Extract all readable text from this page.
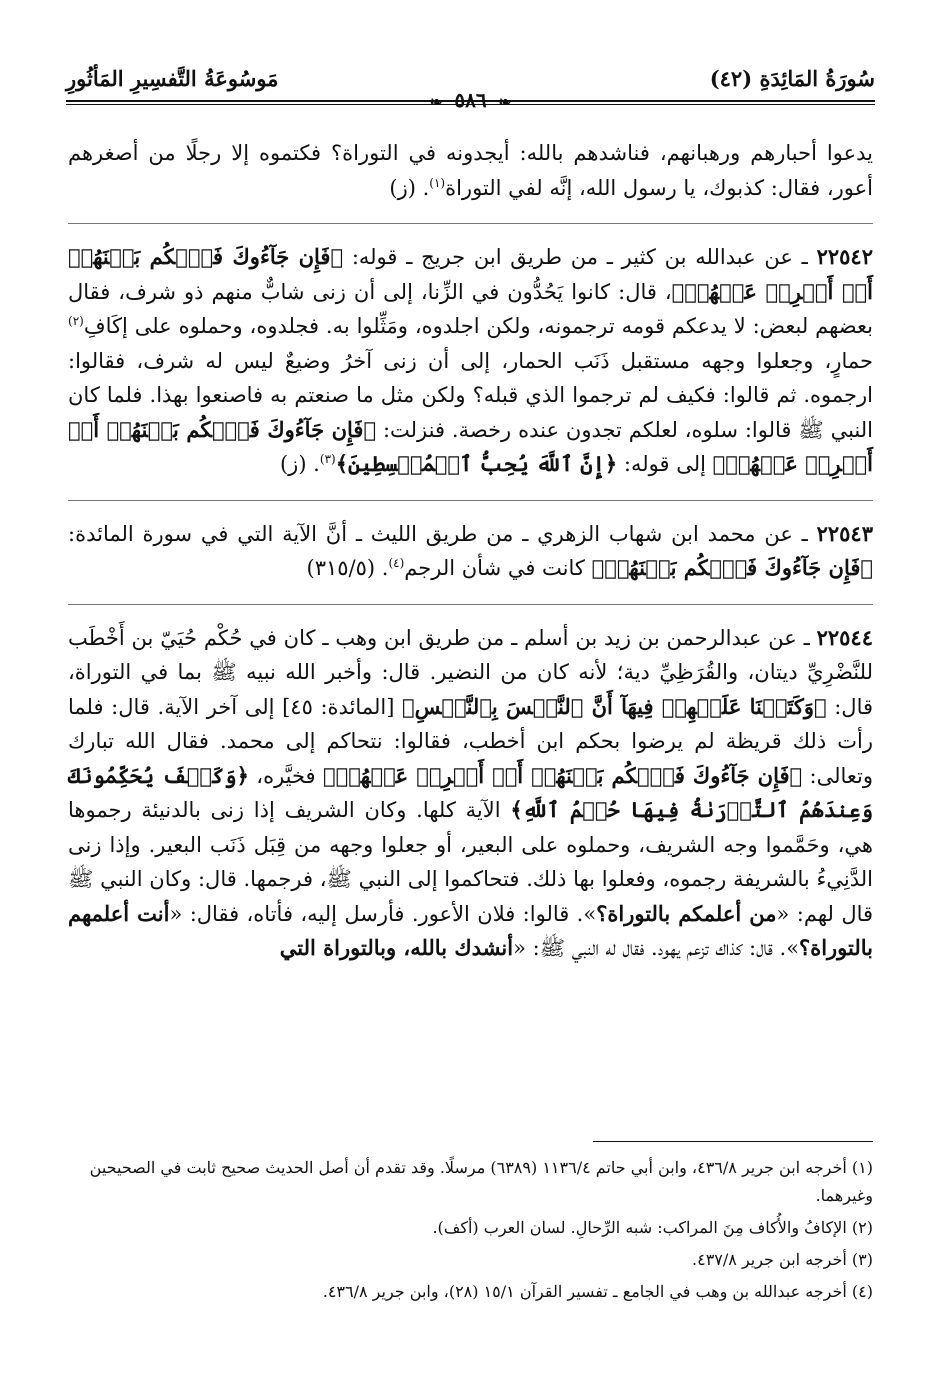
سُورَةُ المَائِدَةِ (٤٢)
❧ ٥٨٦ ❧
مَوسُوعَةُ التَّفسِيرِ المَأثُورِ

يدعوا أحبارهم ورهبانهم، فناشدهم بالله: أيجدونه في التوراة؟ فكتموه إلا رجلًا من أصغرهم أعور، فقال: كذبوك، يا رسول الله، إنَّه لفي التوراة$^{(١)}$. (ز)

٢٢٥٤٢ ـ عن عبدالله بن كثير ـ من طريق ابن جريج ـ قوله: ﴿فَإِن جَآءُوكَ فَٱحۡكُم بَيۡنَهُمۡ أَوۡ أَعۡرِضۡ عَنۡهُمۡ﴾، قال: كانوا يَحُدُّون في الزِّنا، إلى أن زنى شابٌّ منهم ذو شرف، فقال بعضهم لبعض: لا يدعكم قومه ترجمونه، ولكن اجلدوه، ومَثِّلوا به. فجلدوه، وحملوه على إكَافِ$^{(٢)}$ حمارٍ، وجعلوا وجهه مستقبل ذَنَب الحمار، إلى أن زنى آخرُ وضيعٌ ليس له شرف، فقالوا: ارجموه. ثم قالوا: فكيف لم ترجموا الذي قبله؟ ولكن مثل ما صنعتم به فاصنعوا بهذا. فلما كان النبي ﷺ قالوا: سلوه، لعلكم تجدون عنده رخصة. فنزلت: ﴿فَإِن جَآءُوكَ فَٱحۡكُم بَيۡنَهُمۡ أَوۡ أَعۡرِضۡ عَنۡهُمۡ﴾ إلى قوله: ﴿إِنَّ ٱللَّهَ يُحِبُّ ٱلۡمُقۡسِطِينَ﴾$^{(٣)}$. (ز)

٢٢٥٤٣ ـ عن محمد ابن شهاب الزهري ـ من طريق الليث ـ أنَّ الآية التي في سورة المائدة: ﴿فَإِن جَآءُوكَ فَٱحۡكُم بَيۡنَهُمۡ﴾ كانت في شأن الرجم$^{(٤)}$. (٣١٥/٥)

٢٢٥٤٤ ـ عن عبدالرحمن بن زيد بن أسلم ـ من طريق ابن وهب ـ كان في حُكْم حُيَيّ بن أَخْطَب للنَّضْرِيِّ ديتان، والقُرَظِيِّ دية؛ لأنه كان من النضير. قال: وأخبر الله نبيه ﷺ بما في التوراة، قال: ﴿وَكَتَبۡنَا عَلَيۡهِمۡ فِيهَآ أَنَّ ٱلنَّفۡسَ بِٱلنَّفۡسِ﴾ [المائدة: ٤٥] إلى آخر الآية. قال: فلما رأت ذلك قريظة لم يرضوا بحكم ابن أخطب، فقالوا: نتحاكم إلى محمد. فقال الله تبارك وتعالى: ﴿فَإِن جَآءُوكَ فَٱحۡكُم بَيۡنَهُمۡ أَوۡ أَعۡرِضۡ عَنۡهُمۡ﴾ فخيَّره، ﴿وَكَيۡفَ يُحَكِّمُونَكَ وَعِندَهُمُ ٱلتَّوۡرَىٰةُ فِيهَا حُكۡمُ ٱللَّهِ﴾ الآية كلها. وكان الشريف إذا زنى بالدنيئة رجموها هي، وحَمَّموا وجه الشريف، وحملوه على البعير، أو جعلوا وجهه من قِبَل ذَنَب البعير. وإذا زنى الدَّنِيءُ بالشريفة رجموه، وفعلوا بها ذلك. فتحاكموا إلى النبي ﷺ، فرجمها. قال: وكان النبي ﷺ قال لهم: «من أعلمكم بالتوراة؟». قالوا: فلان الأعور. فأرسل إليه، فأتاه، فقال: «أنت أعلمهم بالتوراة؟». قال: كذاك تزعم يهود. فقال له النبي ﷺ: «أنشدك بالله، وبالتوراة التي

(١) أخرجه ابن جرير ٤٣٦/٨، وابن أبي حاتم ١١٣٦/٤ (٦٣٨٩) مرسلًا. وقد تقدم أن أصل الحديث صحيح ثابت في الصحيحين وغيرهما.

(٢) الإكافُ والأُكاف مِنَ المراكب: شبه الرِّحالِ. لسان العرب (أكف).

(٣) أخرجه ابن جرير ٤٣٧/٨.

(٤) أخرجه عبدالله بن وهب في الجامع ـ تفسير القرآن ١٥/١ (٢٨)، وابن جرير ٤٣٦/٨.
